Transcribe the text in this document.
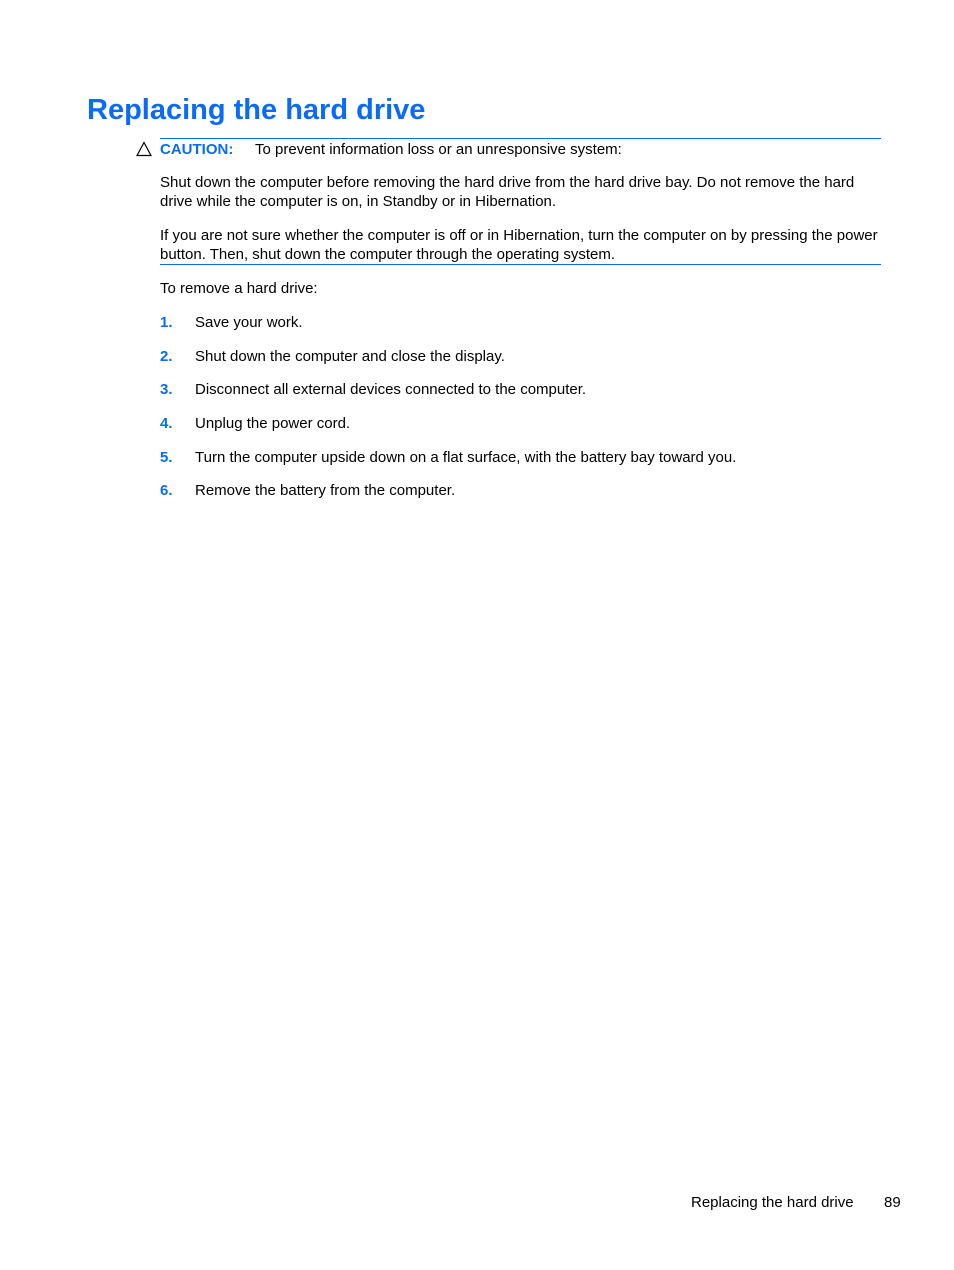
Replacing the hard drive
CAUTION: To prevent information loss or an unresponsive system:

Shut down the computer before removing the hard drive from the hard drive bay. Do not remove the hard drive while the computer is on, in Standby or in Hibernation.

If you are not sure whether the computer is off or in Hibernation, turn the computer on by pressing the power button. Then, shut down the computer through the operating system.

To remove a hard drive:

1. Save your work.
2. Shut down the computer and close the display.
3. Disconnect all external devices connected to the computer.
4. Unplug the power cord.
5. Turn the computer upside down on a flat surface, with the battery bay toward you.
6. Remove the battery from the computer.
Replacing the hard drive 89
